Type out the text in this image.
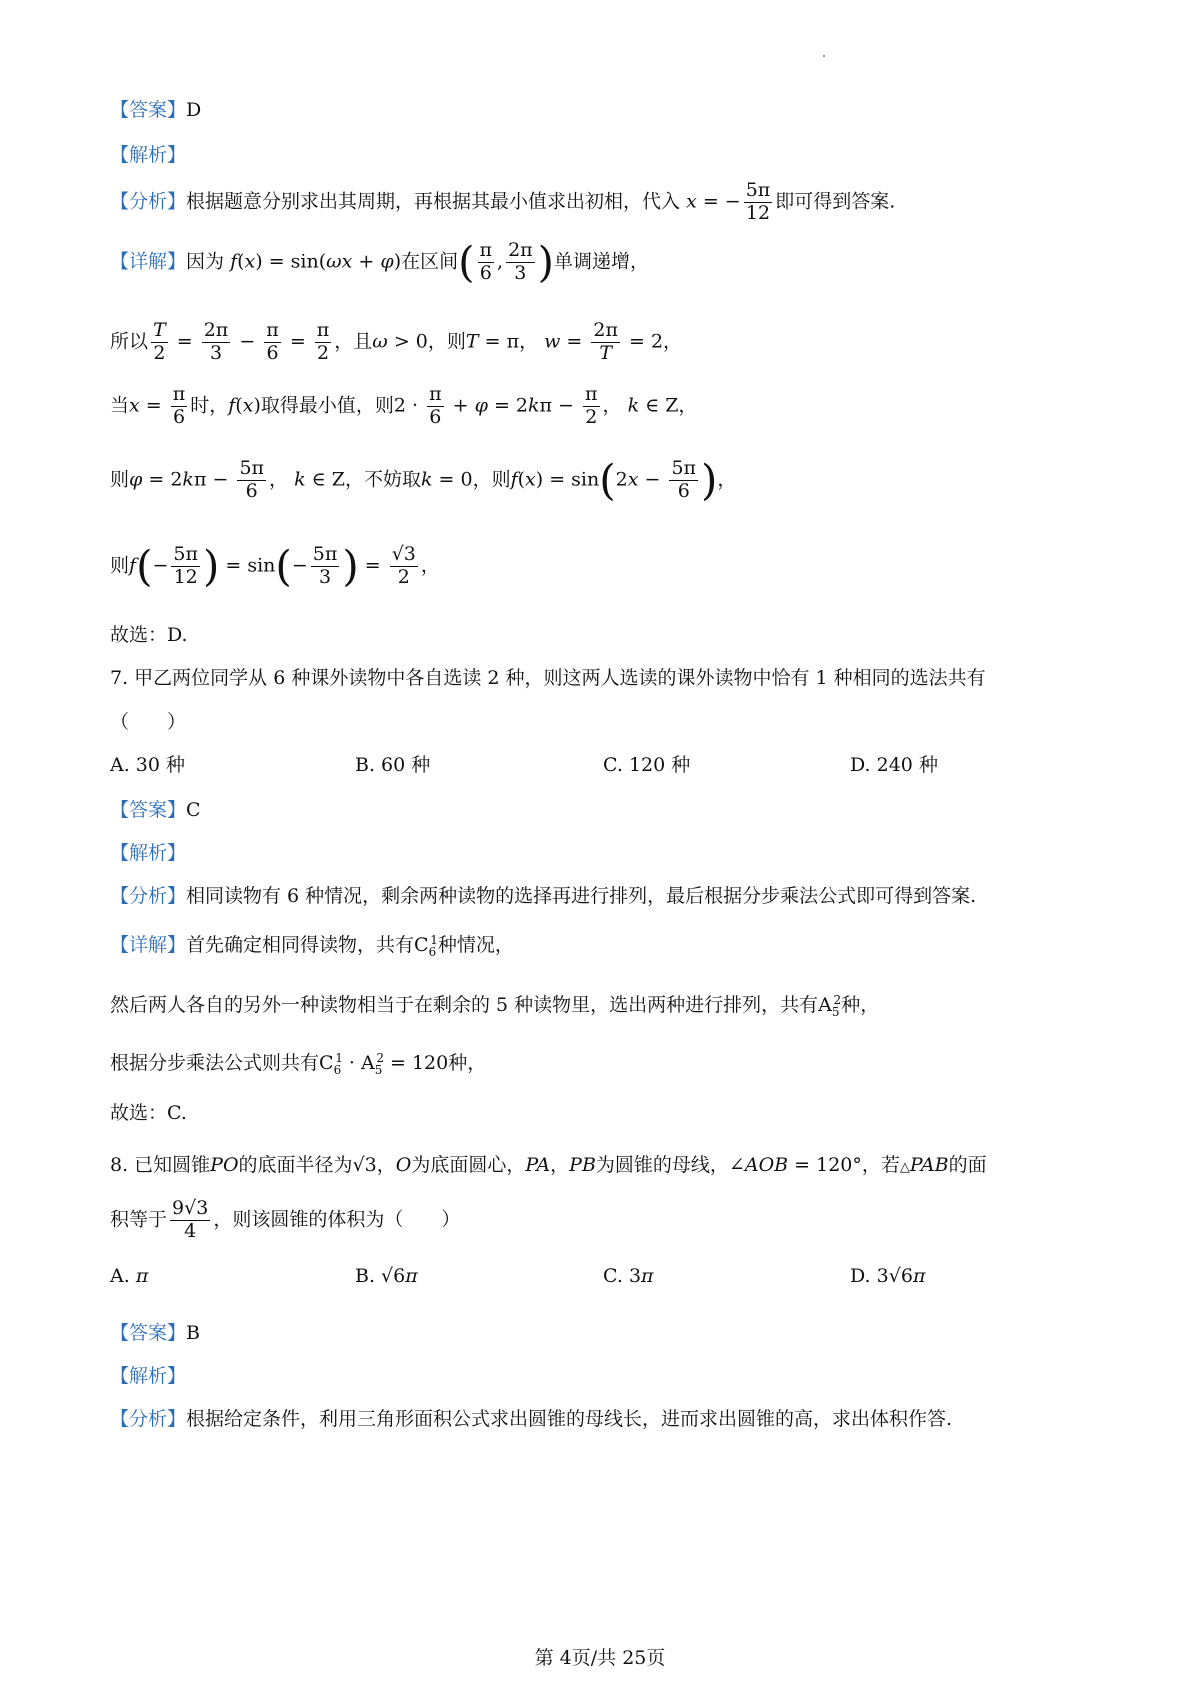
【答案】D
【解析】
【分析】根据题意分别求出其周期，再根据其最小值求出初相，代入 x = − $\frac{5\pi}{12}$ 即可得到答案.
【详解】因为 f(x) = sin(ωx + φ)在区间( $\frac{\pi}{6}$ , $\frac{2\pi}{3}$ )单调递增，
所以 $\frac{T}{2} = \frac{2\pi}{3} - \frac{\pi}{6} = \frac{\pi}{2}$ ，且ω > 0，则T = π， $w = \frac{2\pi}{T} = 2$，
当$x = \frac{\pi}{6}$ 时，f(x)取得最小值，则$2 \cdot \frac{\pi}{6} + \varphi = 2k\pi - \frac{\pi}{2}$ ， k ∈ Z，
则$\varphi = 2k\pi - \frac{5\pi}{6}$ ， k ∈ Z，不妨取k = 0，则$f(x) = \sin(2x - \frac{5\pi}{6}$ )，
则$f(- \frac{5\pi}{12}$ ) = $\sin(- \frac{5\pi}{3}$ ) = $\frac{√3}{2}$ ，
故选：D.
7. 甲乙两位同学从 6 种课外读物中各自选读 2 种，则这两人选读的课外读物中恰有 1 种相同的选法共有
（　　）
A. 30 种	B. 60 种	C. 120 种	D. 240 种
【答案】C
【解析】
【分析】相同读物有 6 种情况，剩余两种读物的选择再进行排列，最后根据分步乘法公式即可得到答案.
【详解】首先确定相同得读物，共有$C_6^1$种情况，
然后两人各自的另外一种读物相当于在剩余的 5 种读物里，选出两种进行排列，共有$A_5^2$种，
根据分步乘法公式则共有$C_6^1 \cdot A_5^2 = 120$种，
故选：C.
8. 已知圆锥PO的底面半径为√3，O为底面圆心，PA，PB为圆锥的母线，∠AOB = 120°，若△PAB的面
积等于 $\frac{9√3}{4}$ ，则该圆锥的体积为（　　）
A. π	B. √6π	C. 3π	D. 3√6π
【答案】B
【解析】
【分析】根据给定条件，利用三角形面积公式求出圆锥的母线长，进而求出圆锥的高，求出体积作答.
第 4页/共 25页
